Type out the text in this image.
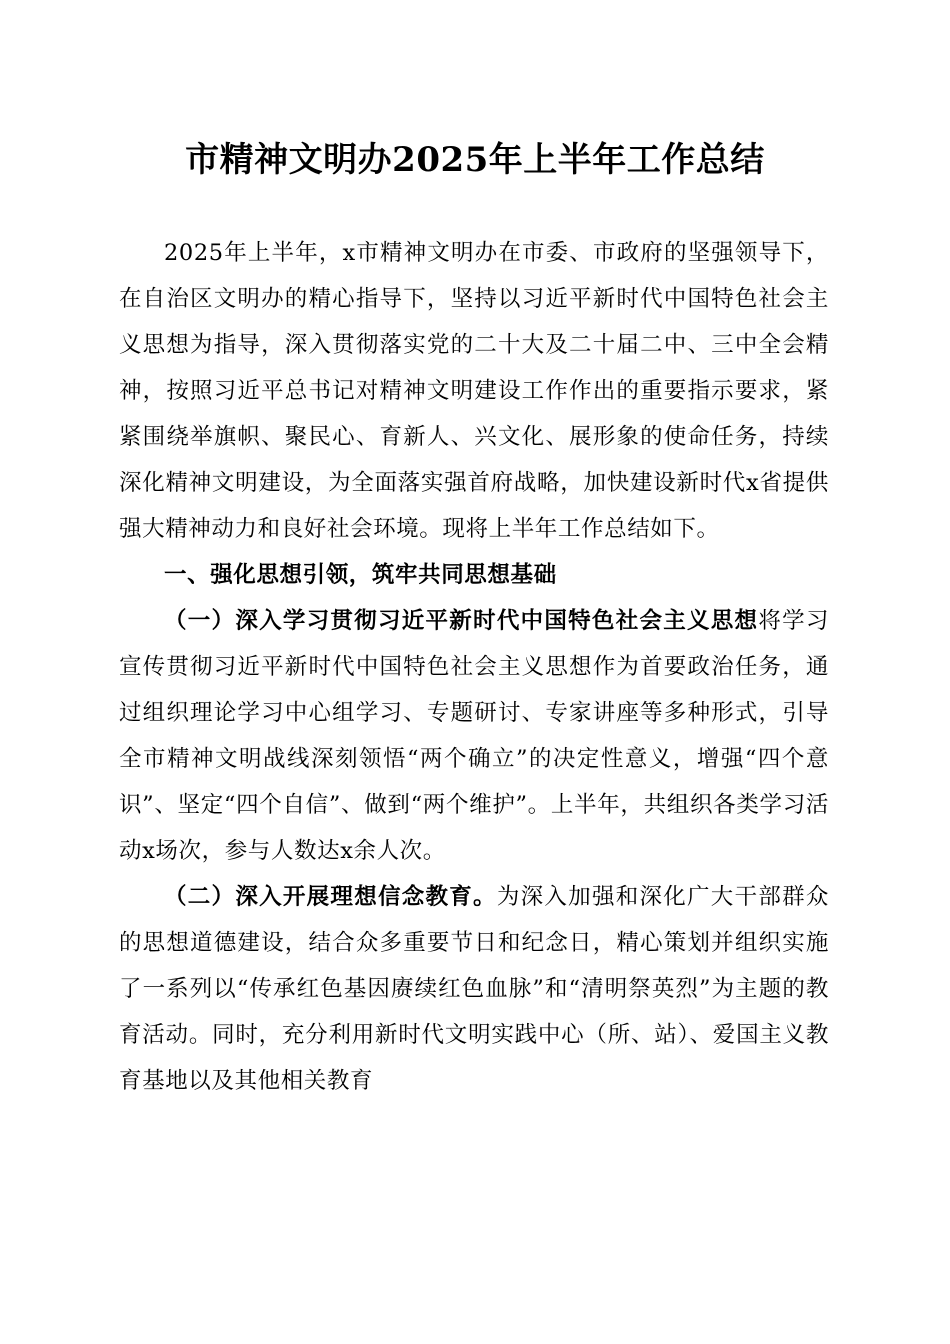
市精神文明办2025年上半年工作总结

2025年上半年，x市精神文明办在市委、市政府的坚强领导下，在自治区文明办的精心指导下，坚持以习近平新时代中国特色社会主义思想为指导，深入贯彻落实党的二十大及二十届二中、三中全会精神，按照习近平总书记对精神文明建设工作作出的重要指示要求，紧紧围绕举旗帜、聚民心、育新人、兴文化、展形象的使命任务，持续深化精神文明建设，为全面落实强首府战略，加快建设新时代x省提供强大精神动力和良好社会环境。现将上半年工作总结如下。

一、强化思想引领，筑牢共同思想基础

（一）深入学习贯彻习近平新时代中国特色社会主义思想将学习宣传贯彻习近平新时代中国特色社会主义思想作为首要政治任务，通过组织理论学习中心组学习、专题研讨、专家讲座等多种形式，引导全市精神文明战线深刻领悟“两个确立”的决定性意义，增强“四个意识”、坚定“四个自信”、做到“两个维护”。上半年，共组织各类学习活动x场次，参与人数达x余人次。

（二）深入开展理想信念教育。为深入加强和深化广大干部群众的思想道德建设，结合众多重要节日和纪念日，精心策划并组织实施了一系列以“传承红色基因赓续红色血脉”和“清明祭英烈”为主题的教育活动。同时，充分利用新时代文明实践中心（所、站）、爱国主义教育基地以及其他相关教育
